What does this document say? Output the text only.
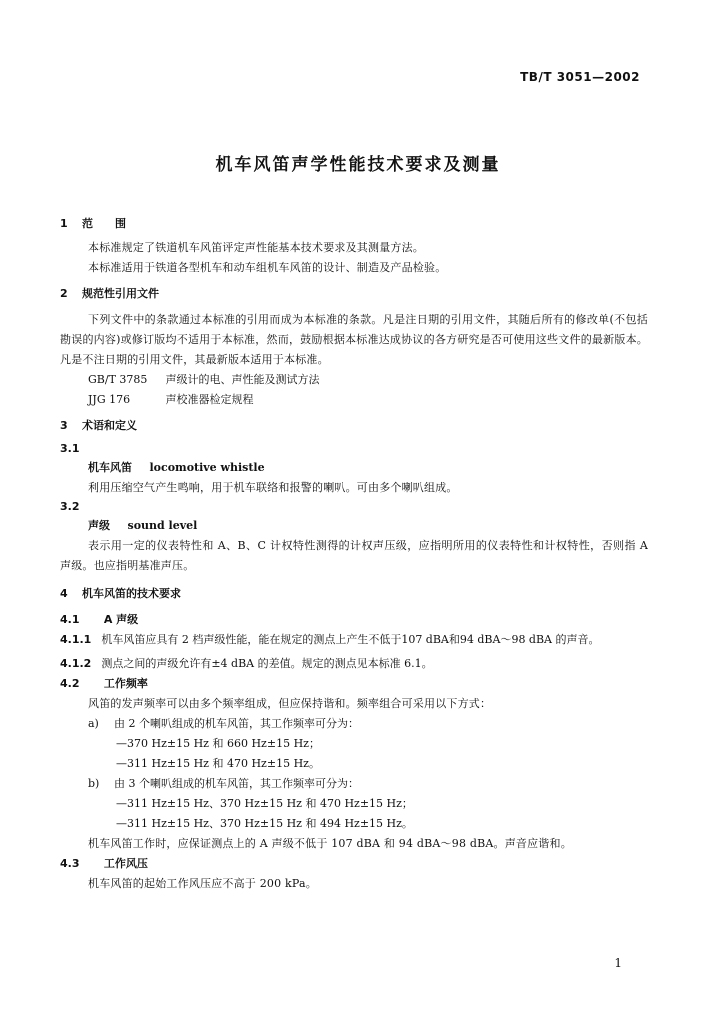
TB/T 3051—2002
机车风笛声学性能技术要求及测量
1	范围

本标准规定了铁道机车风笛评定声性能基本技术要求及其测量方法。

本标准适用于铁道各型机车和动车组机车风笛的设计、制造及产品检验。

2	规范性引用文件

下列文件中的条款通过本标准的引用而成为本标准的条款。凡是注日期的引用文件，其随后所有的修改单(不包括勘误的内容)或修订版均不适用于本标准，然而，鼓励根据本标准达成协议的各方研究是否可使用这些文件的最新版本。凡是不注日期的引用文件，其最新版本适用于本标准。

GB/T 3785 声级计的电、声性能及测试方法
JJG 176	声校准器检定规程
3	术语和定义
3.1
机车风笛 locomotive whistle

利用压缩空气产生鸣响，用于机车联络和报警的喇叭。可由多个喇叭组成。

3.2
声级 sound level

表示用一定的仪表特性和 A、B、C 计权特性测得的计权声压级，应指明所用的仪表特性和计权特性，否则指 A 声级。也应指明基准声压。

4	机车风笛的技术要求
4.1 A 声级

4.1.1 机车风笛应具有 2 档声级性能，能在规定的测点上产生不低于107 dBA和94 dBA～98 dBA 的声音。

4.1.2 测点之间的声级允许有±4 dBA 的差值。规定的测点见本标准 6.1。

4.2 工作频率

风笛的发声频率可以由多个频率组成，但应保持谐和。频率组合可采用以下方式：

a) 由 2 个喇叭组成的机车风笛，其工作频率可分为：
—370 Hz±15 Hz 和 660 Hz±15 Hz；
—311 Hz±15 Hz 和 470 Hz±15 Hz。
b) 由 3 个喇叭组成的机车风笛，其工作频率可分为：
—311 Hz±15 Hz、370 Hz±15 Hz 和 470 Hz±15 Hz；
—311 Hz±15 Hz、370 Hz±15 Hz 和 494 Hz±15 Hz。

机车风笛工作时，应保证测点上的 A 声级不低于 107 dBA 和 94 dBA～98 dBA。声音应谐和。

4.3 工作风压

机车风笛的起始工作风压应不高于 200 kPa。

1
